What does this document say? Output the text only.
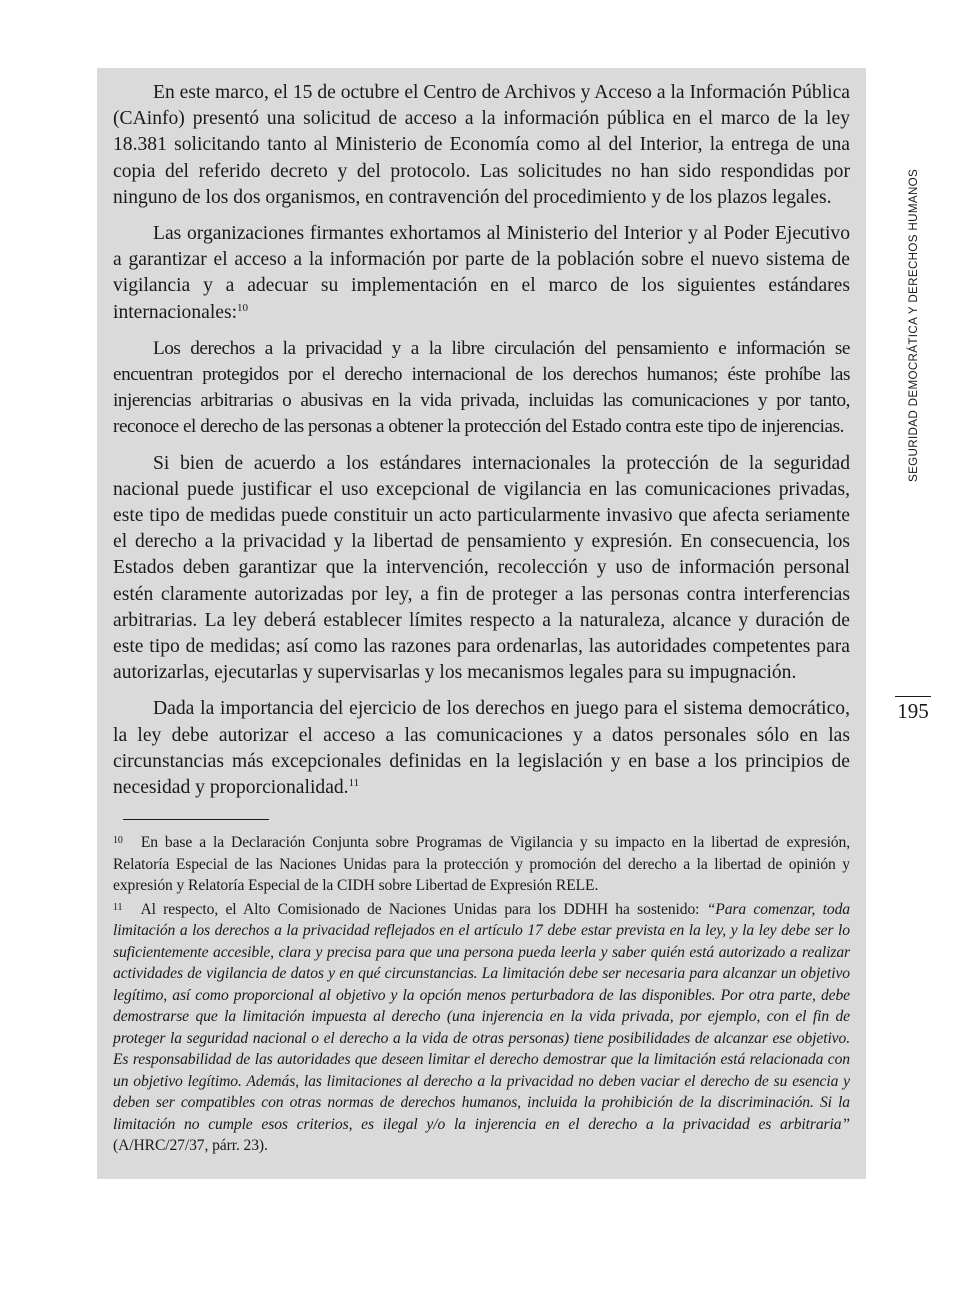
En este marco, el 15 de octubre el Centro de Archivos y Acceso a la Información Pública (CAinfo) presentó una solicitud de acceso a la información pública en el marco de la ley 18.381 solicitando tanto al Ministerio de Economía como al del Interior, la entrega de una copia del referido decreto y del protocolo. Las solicitudes no han sido respondidas por ninguno de los dos organismos, en contravención del procedimiento y de los plazos legales.

Las organizaciones firmantes exhortamos al Ministerio del Interior y al Poder Ejecutivo a garantizar el acceso a la información por parte de la población sobre el nuevo sistema de vigilancia y a adecuar su implementación en el marco de los siguientes estándares internacionales:$^{10}$

Los derechos a la privacidad y a la libre circulación del pensamiento e información se encuentran protegidos por el derecho internacional de los derechos humanos; éste prohíbe las injerencias arbitrarias o abusivas en la vida privada, incluidas las comunicaciones y por tanto, reconoce el derecho de las personas a obtener la protección del Estado contra este tipo de injerencias.

Si bien de acuerdo a los estándares internacionales la protección de la seguridad nacional puede justificar el uso excepcional de vigilancia en las comunicaciones privadas, este tipo de medidas puede constituir un acto particularmente invasivo que afecta seriamente el derecho a la privacidad y la libertad de pensamiento y expresión. En consecuencia, los Estados deben garantizar que la intervención, recolección y uso de información personal estén claramente autorizadas por ley, a fin de proteger a las personas contra interferencias arbitrarias. La ley deberá establecer límites respecto a la naturaleza, alcance y duración de este tipo de medidas; así como las razones para ordenarlas, las autoridades competentes para autorizarlas, ejecutarlas y supervisarlas y los mecanismos legales para su impugnación.

Dada la importancia del ejercicio de los derechos en juego para el sistema democrático, la ley debe autorizar el acceso a las comunicaciones y a datos personales sólo en las circunstancias más excepcionales definidas en la legislación y en base a los principios de necesidad y proporcionalidad.$^{11}$

$^{10}$ En base a la Declaración Conjunta sobre Programas de Vigilancia y su impacto en la libertad de expresión, Relatoría Especial de las Naciones Unidas para la protección y promoción del derecho a la libertad de opinión y expresión y Relatoría Especial de la CIDH sobre Libertad de Expresión RELE.

$^{11}$ Al respecto, el Alto Comisionado de Naciones Unidas para los DDHH ha sostenido: “Para comenzar, toda limitación a los derechos a la privacidad reflejados en el artículo 17 debe estar prevista en la ley, y la ley debe ser lo suficientemente accesible, clara y precisa para que una persona pueda leerla y saber quién está autorizado a realizar actividades de vigilancia de datos y en qué circunstancias. La limitación debe ser necesaria para alcanzar un objetivo legítimo, así como proporcional al objetivo y la opción menos perturbadora de las disponibles. Por otra parte, debe demostrarse que la limitación impuesta al derecho (una injerencia en la vida privada, por ejemplo, con el fin de proteger la seguridad nacional o el derecho a la vida de otras personas) tiene posibilidades de alcanzar ese objetivo. Es responsabilidad de las autoridades que deseen limitar el derecho demostrar que la limitación está relacionada con un objetivo legítimo. Además, las limitaciones al derecho a la privacidad no deben vaciar el derecho de su esencia y deben ser compatibles con otras normas de derechos humanos, incluida la prohibición de la discriminación. Si la limitación no cumple esos criterios, es ilegal y/o la injerencia en el derecho a la privacidad es arbitraria” (A/HRC/27/37, párr. 23).

SEGURIDAD DEMOCRÁTICA Y DERECHOS HUMANOS
195
